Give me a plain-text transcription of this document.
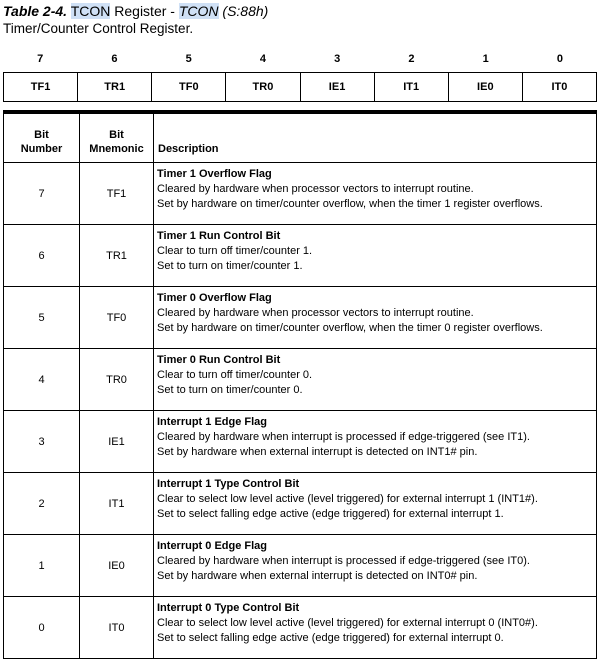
Table 2-4. TCON Register - TCON (S:88h)
Timer/Counter Control Register.
7	6	5	4	3	2	1	0
TF1	TR1	TF0	TR0	IE1	IT1	IE0	IT0
Bit Number	Bit Mnemonic	Description
7	TF1	Timer 1 Overflow Flag
Cleared by hardware when processor vectors to interrupt routine.
Set by hardware on timer/counter overflow, when the timer 1 register overflows.

6	TR1	Timer 1 Run Control Bit
Clear to turn off timer/counter 1.
Set to turn on timer/counter 1.

5	TF0	Timer 0 Overflow Flag
Cleared by hardware when processor vectors to interrupt routine.
Set by hardware on timer/counter overflow, when the timer 0 register overflows.

4	TR0	Timer 0 Run Control Bit
Clear to turn off timer/counter 0.
Set to turn on timer/counter 0.

3	IE1	Interrupt 1 Edge Flag
Cleared by hardware when interrupt is processed if edge-triggered (see IT1).
Set by hardware when external interrupt is detected on INT1# pin.

2	IT1	Interrupt 1 Type Control Bit
Clear to select low level active (level triggered) for external interrupt 1 (INT1#).
Set to select falling edge active (edge triggered) for external interrupt 1.

1	IE0	Interrupt 0 Edge Flag
Cleared by hardware when interrupt is processed if edge-triggered (see IT0).
Set by hardware when external interrupt is detected on INT0# pin.

0	IT0	Interrupt 0 Type Control Bit
Clear to select low level active (level triggered) for external interrupt 0 (INT0#).
Set to select falling edge active (edge triggered) for external interrupt 0.
